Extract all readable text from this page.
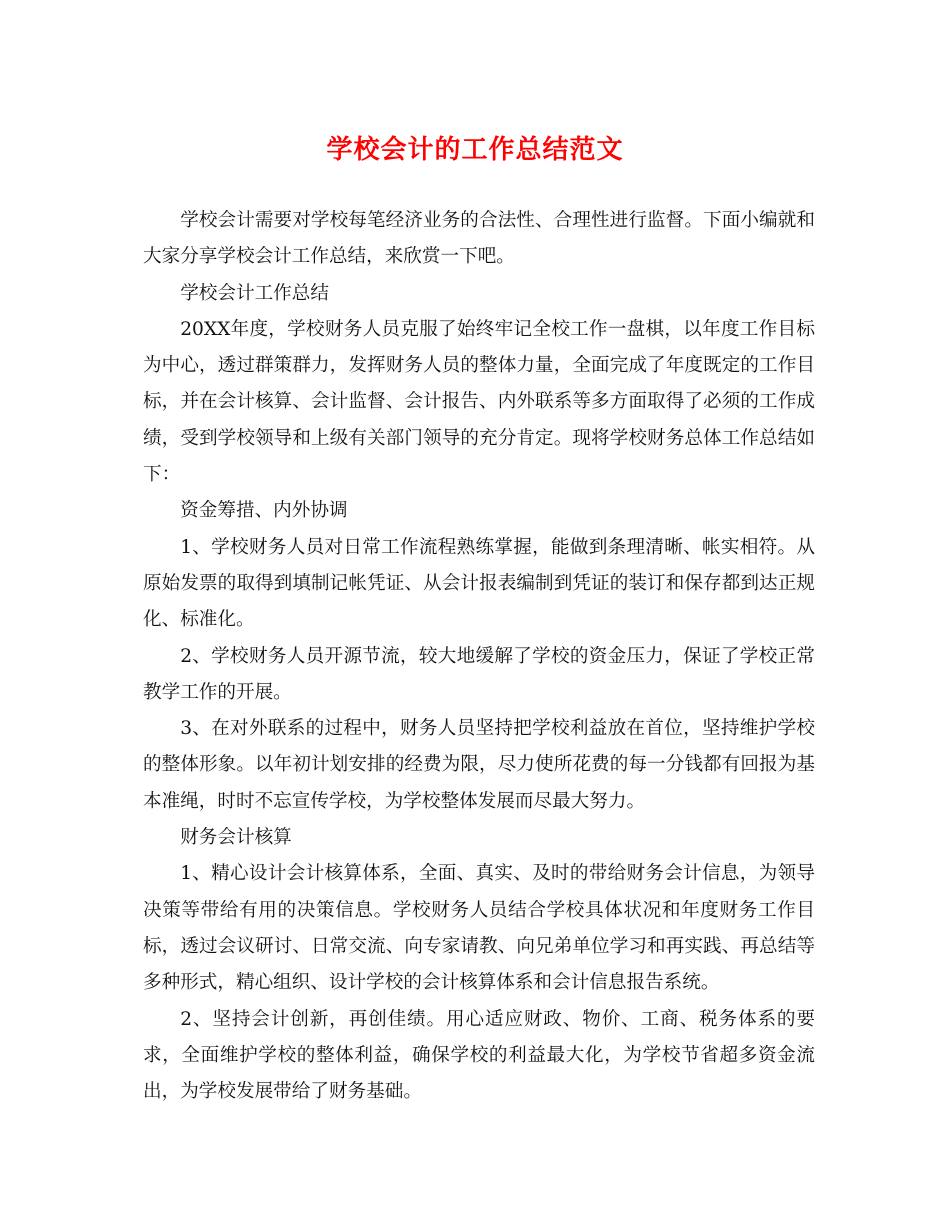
学校会计的工作总结范文

学校会计需要对学校每笔经济业务的合法性、合理性进行监督。下面小编就和大家分享学校会计工作总结，来欣赏一下吧。

学校会计工作总结

20XX年度，学校财务人员克服了始终牢记全校工作一盘棋，以年度工作目标为中心，透过群策群力，发挥财务人员的整体力量，全面完成了年度既定的工作目标，并在会计核算、会计监督、会计报告、内外联系等多方面取得了必须的工作成绩，受到学校领导和上级有关部门领导的充分肯定。现将学校财务总体工作总结如下：

资金筹措、内外协调

1、学校财务人员对日常工作流程熟练掌握，能做到条理清晰、帐实相符。从原始发票的取得到填制记帐凭证、从会计报表编制到凭证的装订和保存都到达正规化、标准化。

2、学校财务人员开源节流，较大地缓解了学校的资金压力，保证了学校正常教学工作的开展。

3、在对外联系的过程中，财务人员坚持把学校利益放在首位，坚持维护学校的整体形象。以年初计划安排的经费为限，尽力使所花费的每一分钱都有回报为基本准绳，时时不忘宣传学校，为学校整体发展而尽最大努力。

财务会计核算

1、精心设计会计核算体系，全面、真实、及时的带给财务会计信息，为领导决策等带给有用的决策信息。学校财务人员结合学校具体状况和年度财务工作目标，透过会议研讨、日常交流、向专家请教、向兄弟单位学习和再实践、再总结等多种形式，精心组织、设计学校的会计核算体系和会计信息报告系统。

2、坚持会计创新，再创佳绩。用心适应财政、物价、工商、税务体系的要求，全面维护学校的整体利益，确保学校的利益最大化，为学校节省超多资金流出，为学校发展带给了财务基础。
